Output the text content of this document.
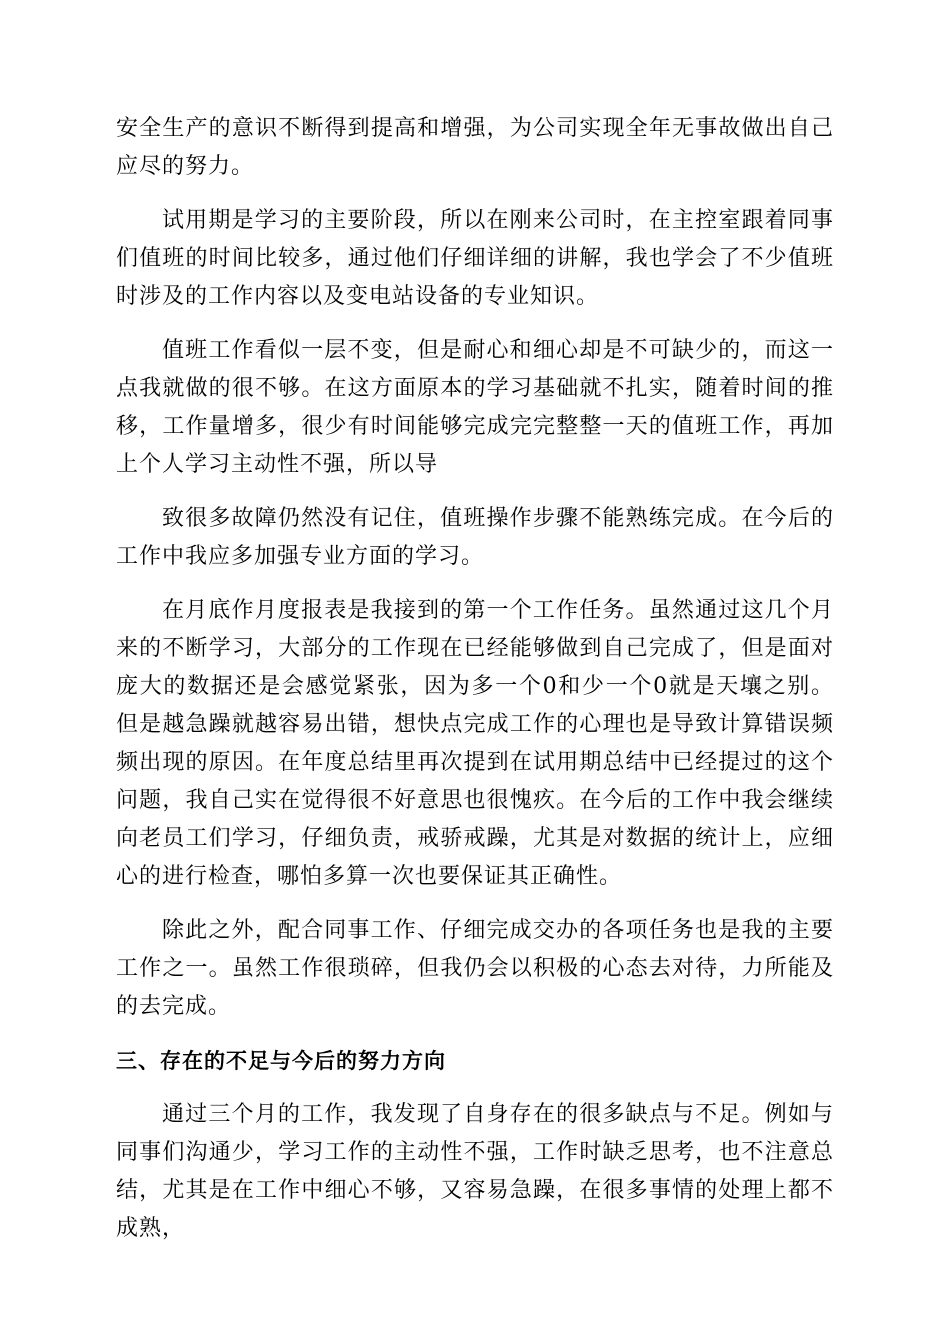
安全生产的意识不断得到提高和增强，为公司实现全年无事故做出自己应尽的努力。

试用期是学习的主要阶段，所以在刚来公司时，在主控室跟着同事们值班的时间比较多，通过他们仔细详细的讲解，我也学会了不少值班时涉及的工作内容以及变电站设备的专业知识。

值班工作看似一层不变，但是耐心和细心却是不可缺少的，而这一点我就做的很不够。在这方面原本的学习基础就不扎实，随着时间的推移，工作量增多，很少有时间能够完成完完整整一天的值班工作，再加上个人学习主动性不强，所以导

致很多故障仍然没有记住，值班操作步骤不能熟练完成。在今后的工作中我应多加强专业方面的学习。

在月底作月度报表是我接到的第一个工作任务。虽然通过这几个月来的不断学习，大部分的工作现在已经能够做到自己完成了，但是面对庞大的数据还是会感觉紧张，因为多一个0和少一个0就是天壤之别。但是越急躁就越容易出错，想快点完成工作的心理也是导致计算错误频频出现的原因。在年度总结里再次提到在试用期总结中已经提过的这个问题，我自己实在觉得很不好意思也很愧疚。在今后的工作中我会继续向老员工们学习，仔细负责，戒骄戒躁，尤其是对数据的统计上，应细心的进行检查，哪怕多算一次也要保证其正确性。

除此之外，配合同事工作、仔细完成交办的各项任务也是我的主要工作之一。虽然工作很琐碎，但我仍会以积极的心态去对待，力所能及的去完成。

三、存在的不足与今后的努力方向

通过三个月的工作，我发现了自身存在的很多缺点与不足。例如与同事们沟通少，学习工作的主动性不强，工作时缺乏思考，也不注意总结，尤其是在工作中细心不够，又容易急躁，在很多事情的处理上都不成熟，
